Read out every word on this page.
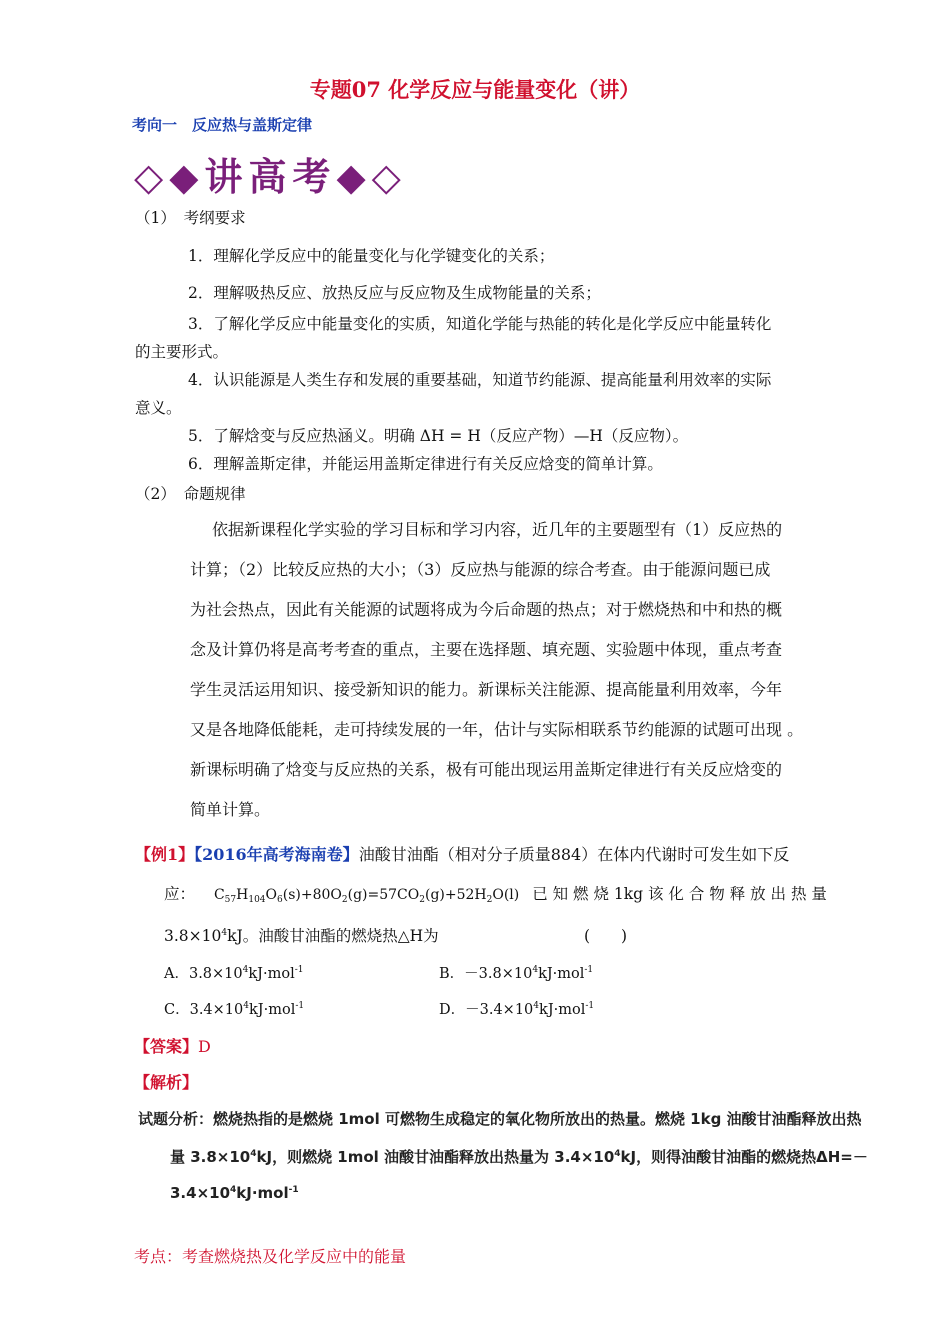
专题07 化学反应与能量变化（讲）
考向一　反应热与盖斯定律
◇◆讲高考◆◇
（1）　考纲要求
1．理解化学反应中的能量变化与化学键变化的关系；
2．理解吸热反应、放热反应与反应物及生成物能量的关系；
3．了解化学反应中能量变化的实质，知道化学能与热能的转化是化学反应中能量转化
的主要形式。
4．认识能源是人类生存和发展的重要基础，知道节约能源、提高能量利用效率的实际
意义。
5．了解焓变与反应热涵义。明确 ΔH = H（反应产物）—H（反应物）。
6．理解盖斯定律，并能运用盖斯定律进行有关反应焓变的简单计算。
（2）　命题规律
依据新课程化学实验的学习目标和学习内容，近几年的主要题型有（1）反应热的
计算；（2）比较反应热的大小；（3）反应热与能源的综合考查。由于能源问题已成
为社会热点，因此有关能源的试题将成为今后命题的热点；对于燃烧热和中和热的概
念及计算仍将是高考考查的重点，主要在选择题、填充题、实验题中体现，重点考查
学生灵活运用知识、接受新知识的能力。新课标关注能源、提高能量利用效率，今年
又是各地降低能耗，走可持续发展的一年，估计与实际相联系节约能源的试题可出现 。
新课标明确了焓变与反应热的关系，极有可能出现运用盖斯定律进行有关反应焓变的
简单计算。
【例1】【2016年高考海南卷】油酸甘油酯（相对分子质量884）在体内代谢时可发生如下反
应： $C_{57}H_{104}O_6(s)+80O_2(g)=57CO_2(g)+52H_2O(l)$ 已 知 燃 烧 1kg 该 化 合 物 释 放 出 热 量
$3.8\times 10^4kJ$。油酸甘油酯的燃烧热△H为	(　　)
A．$3.8\times 10^4kJ\cdot mol^{-1}$	B．$-3.8\times 10^4kJ\cdot mol^{-1}$
C．$3.4\times 10^4kJ\cdot mol^{-1}$	D．$-3.4\times 10^4kJ\cdot mol^{-1}$
【答案】D
【解析】
试题分析：燃烧热指的是燃烧 1mol 可燃物生成稳定的氧化物所放出的热量。燃烧 1kg 油酸甘油酯释放出热
量 $3.8\times 10^4kJ$，则燃烧 1mol 油酸甘油酯释放出热量为 $3.4\times 10^4kJ$，则得油酸甘油酯的燃烧热ΔH=－
$3.4\times 10^4kJ\cdot mol^{-1}$
考点：考查燃烧热及化学反应中的能量
